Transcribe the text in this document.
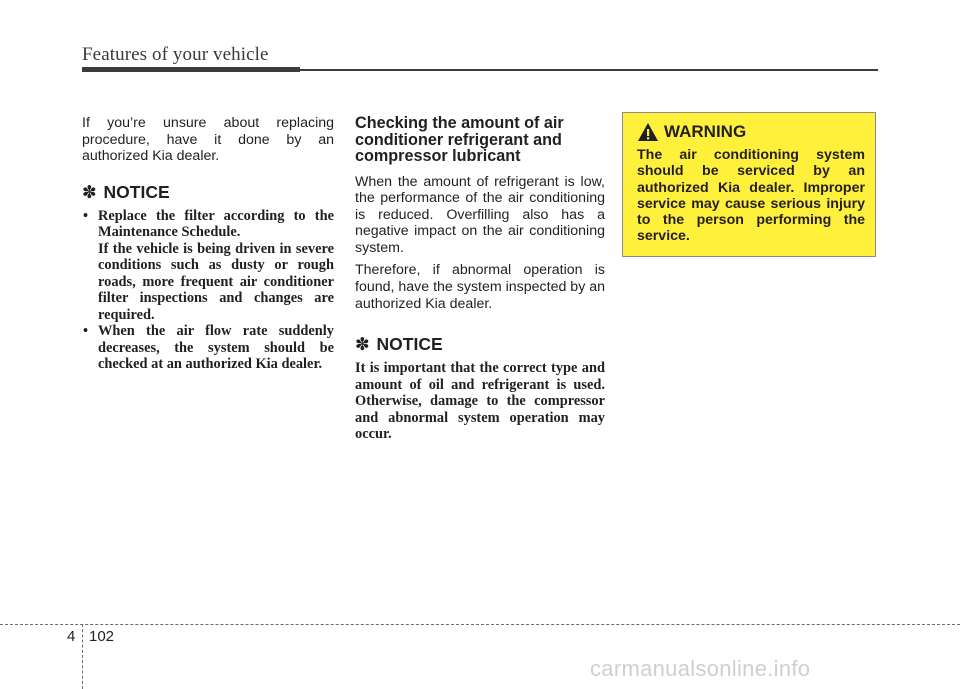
Features of your vehicle

If you’re unsure about replacing procedure, have it done by an authorized Kia dealer.

✽ NOTICE
• Replace the filter according to the Maintenance Schedule.
If the vehicle is being driven in severe conditions such as dusty or rough roads, more frequent air conditioner filter inspections and changes are required.
• When the air flow rate suddenly decreases, the system should be checked at an authorized Kia dealer.
Checking the amount of air conditioner refrigerant and compressor lubricant

When the amount of refrigerant is low, the performance of the air conditioning is reduced. Overfilling also has a negative impact on the air conditioning system.

Therefore, if abnormal operation is found, have the system inspected by an authorized Kia dealer.

✽ NOTICE

It is important that the correct type and amount of oil and refrigerant is used. Otherwise, damage to the compressor and abnormal system operation may occur.

WARNING

The air conditioning system should be serviced by an authorized Kia dealer. Improper service may cause serious injury to the person performing the service.

4 102
carmanualsonline.info
